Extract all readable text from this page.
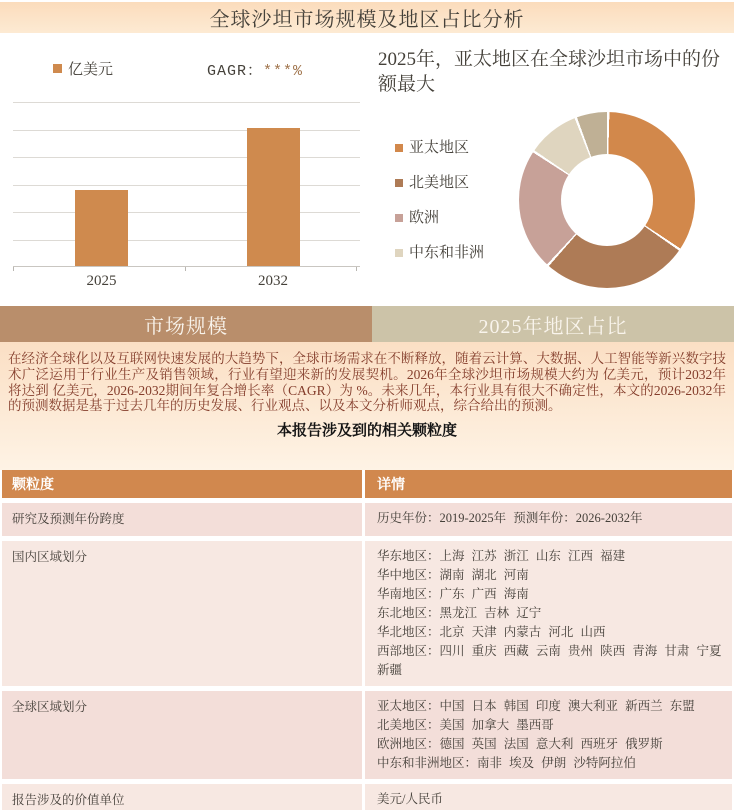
全球沙坦市场规模及地区占比分析
亿美元	GAGR：***%
2025	2032
2025年，亚太地区在全球沙坦市场中的份额最大
亚太地区
北美地区
欧洲
中东和非洲
市场规模	2025年地区占比

在经济全球化以及互联网快速发展的大趋势下，全球市场需求在不断释放，随着云计算、大数据、人工智能等新兴数字技术广泛运用于行业生产及销售领域，行业有望迎来新的发展契机。2026年全球沙坦市场规模大约为 亿美元，预计2032年将达到 亿美元，2026-2032期间年复合增长率（CAGR）为 %。未来几年，本行业具有很大不确定性，本文的2026-2032年的预测数据是基于过去几年的历史发展、行业观点、以及本文分析师观点，综合给出的预测。

本报告涉及到的相关颗粒度
颗粒度	详情
研究及预测年份跨度	历史年份：2019-2025年 预测年份：2026-2032年
国内区域划分	华东地区：上海 江苏 浙江 山东 江西 福建
华中地区：湖南 湖北 河南
华南地区：广东 广西 海南
东北地区：黑龙江 吉林 辽宁
华北地区：北京 天津 内蒙古 河北 山西
西部地区：四川 重庆 西藏 云南 贵州 陕西 青海 甘肃 宁夏 新疆
全球区域划分	亚太地区：中国 日本 韩国 印度 澳大利亚 新西兰 东盟
北美地区：美国 加拿大 墨西哥
欧洲地区：德国 英国 法国 意大利 西班牙 俄罗斯
中东和非洲地区：南非 埃及 伊朗 沙特阿拉伯
报告涉及的价值单位	美元/人民币
